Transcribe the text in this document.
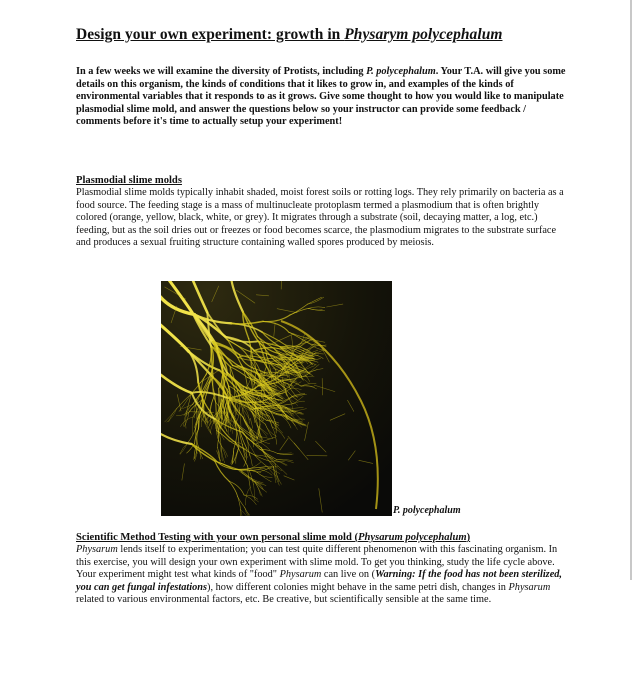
Design your own experiment: growth in Physarym polycephalum
In a few weeks we will examine the diversity of Protists, including P. polycephalum. Your T.A. will give you some details on this organism, the kinds of conditions that it likes to grow in, and examples of the kinds of environmental variables that it responds to as it grows. Give some thought to how you would like to manipulate plasmodial slime mold, and answer the questions below so your instructor can provide some feedback / comments before it's time to actually setup your experiment!
Plasmodial slime molds
Plasmodial slime molds typically inhabit shaded, moist forest soils or rotting logs. They rely primarily on bacteria as a food source. The feeding stage is a mass of multinucleate protoplasm termed a plasmodium that is often brightly colored (orange, yellow, black, white, or grey). It migrates through a substrate (soil, decaying matter, a log, etc.) feeding, but as the soil dries out or freezes or food becomes scarce, the plasmodium migrates to the substrate surface and produces a sexual fruiting structure containing walled spores produced by meiosis.
P. polycephalum
Scientific Method Testing with your own personal slime mold (Physarum polycephalum)
Physarum lends itself to experimentation; you can test quite different phenomenon with this fascinating organism. In this exercise, you will design your own experiment with slime mold. To get you thinking, study the life cycle above. Your experiment might test what kinds of "food" Physarum can live on (Warning: If the food has not been sterilized, you can get fungal infestations), how different colonies might behave in the same petri dish, changes in Physarum related to various environmental factors, etc. Be creative, but scientifically sensible at the same time.
